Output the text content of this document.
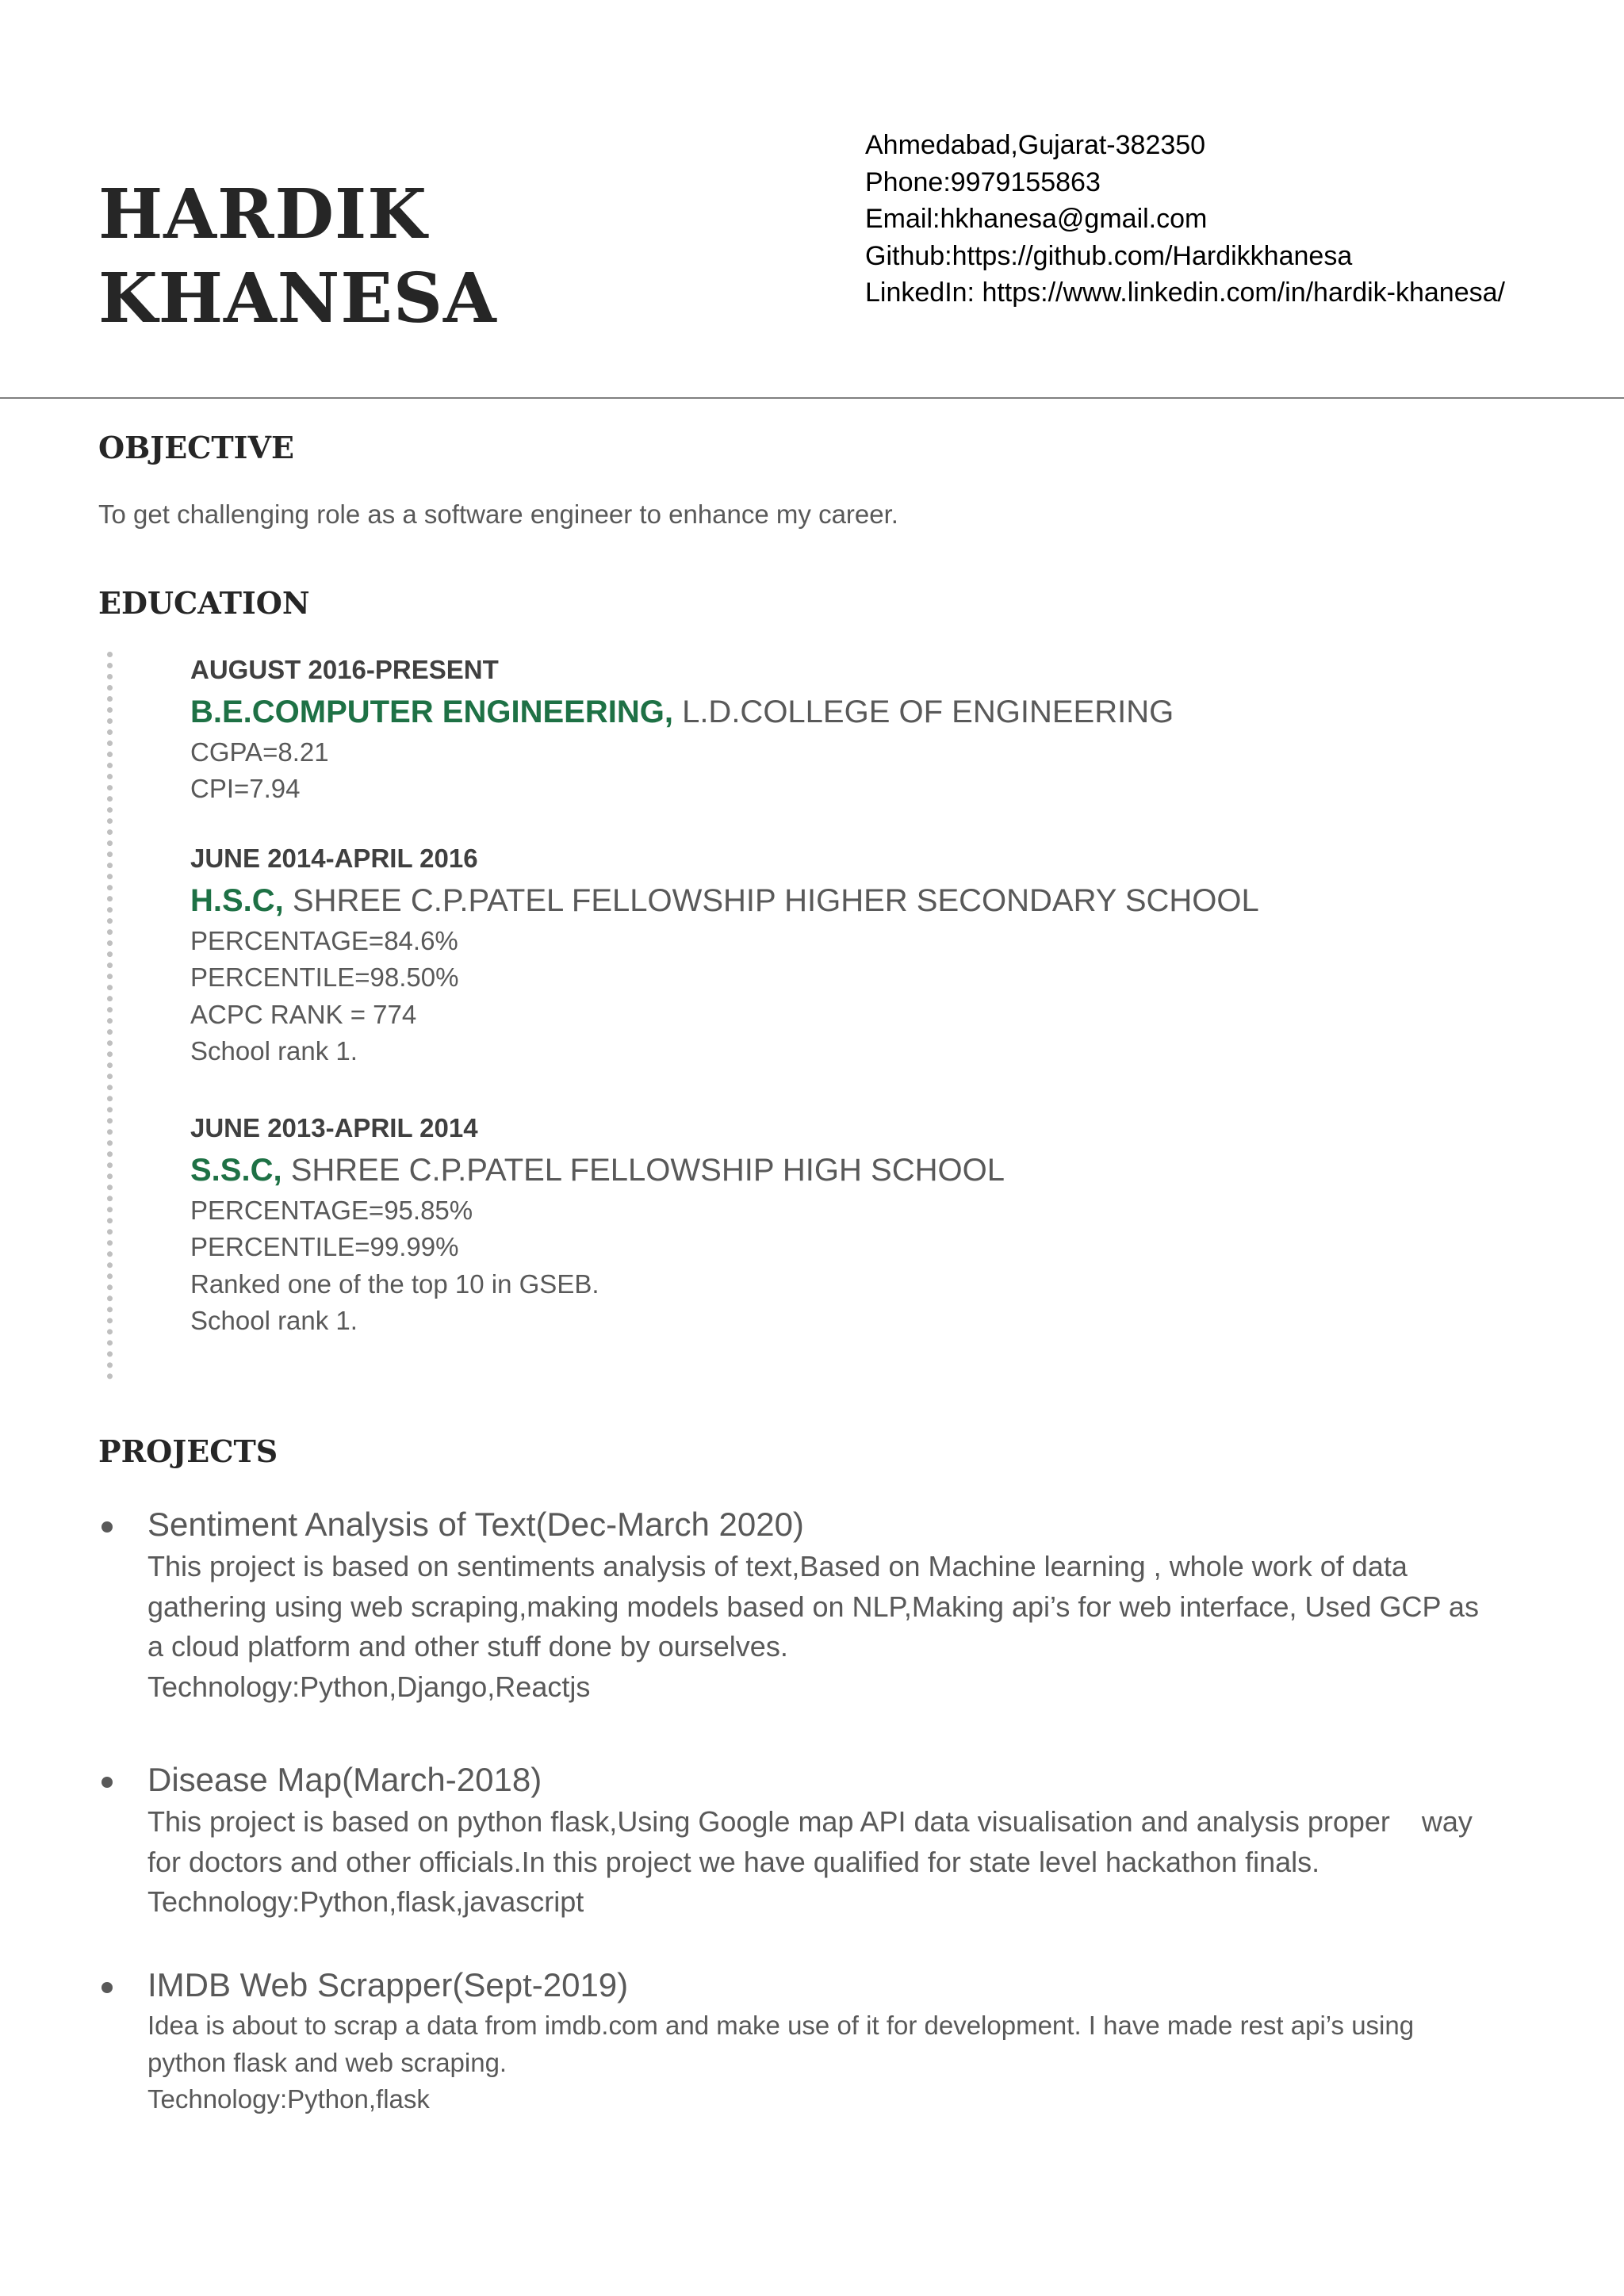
HARDIK
KHANESA
Ahmedabad,Gujarat-382350
Phone:9979155863
Email:hkhanesa@gmail.com
Github:https://github.com/Hardikkhanesa
LinkedIn: https://www.linkedin.com/in/hardik-khanesa/
OBJECTIVE
To get challenging role as a software engineer to enhance my career.
EDUCATION
AUGUST 2016-PRESENT
B.E.COMPUTER ENGINEERING, L.D.COLLEGE OF ENGINEERING
CGPA=8.21
CPI=7.94
JUNE 2014-APRIL 2016
H.S.C, SHREE C.P.PATEL FELLOWSHIP HIGHER SECONDARY SCHOOL
PERCENTAGE=84.6%
PERCENTILE=98.50%
ACPC RANK = 774
School rank 1.
JUNE 2013-APRIL 2014
S.S.C, SHREE C.P.PATEL FELLOWSHIP HIGH SCHOOL
PERCENTAGE=95.85%
PERCENTILE=99.99%
Ranked one of the top 10 in GSEB.
School rank 1.
PROJECTS
Sentiment Analysis of Text(Dec-March 2020)
This project is based on sentiments analysis of text,Based on Machine learning , whole work of data
gathering using web scraping,making models based on NLP,Making api’s for web interface, Used GCP as
a cloud platform and other stuff done by ourselves.
Technology:Python,Django,Reactjs
Disease Map(March-2018)
This project is based on python flask,Using Google map API data visualisation and analysis proper    way
for doctors and other officials.In this project we have qualified for state level hackathon finals.
Technology:Python,flask,javascript
IMDB Web Scrapper(Sept-2019)
Idea is about to scrap a data from imdb.com and make use of it for development. I have made rest api’s using
python flask and web scraping.
Technology:Python,flask
